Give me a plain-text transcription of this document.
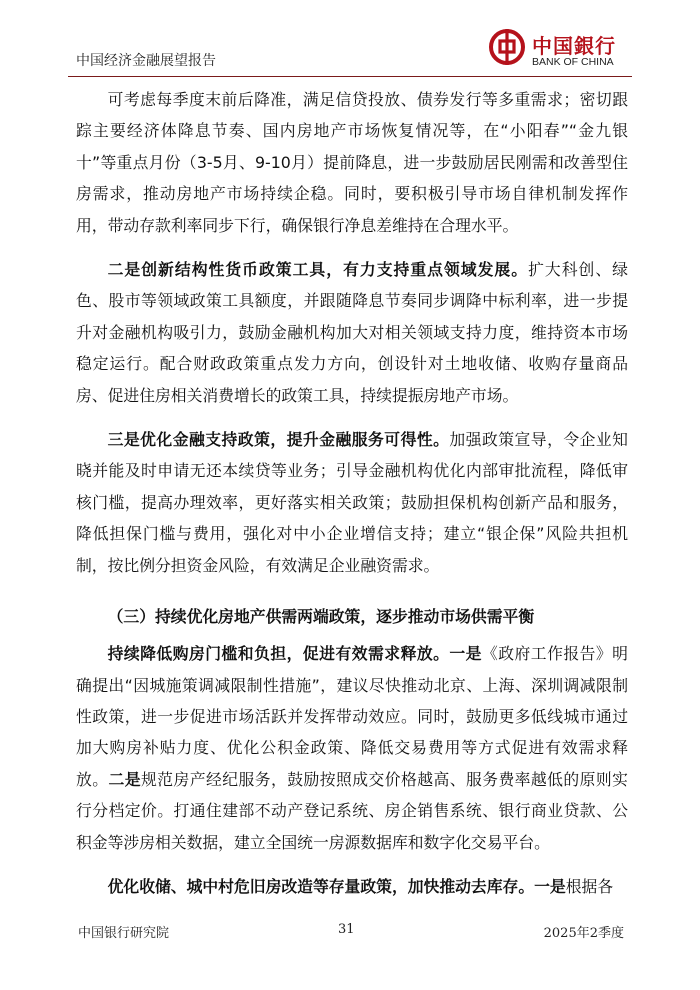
中国经济金融展望报告
中国銀行
BANK OF CHINA

可考虑每季度末前后降准，满足信贷投放、债券发行等多重需求；密切跟踪主要经济体降息节奏、国内房地产市场恢复情况等，在“小阳春”“金九银十”等重点月份（3-5月、9-10月）提前降息，进一步鼓励居民刚需和改善型住房需求，推动房地产市场持续企稳。同时，要积极引导市场自律机制发挥作用，带动存款利率同步下行，确保银行净息差维持在合理水平。

二是创新结构性货币政策工具，有力支持重点领域发展。扩大科创、绿色、股市等领域政策工具额度，并跟随降息节奏同步调降中标利率，进一步提升对金融机构吸引力，鼓励金融机构加大对相关领域支持力度，维持资本市场稳定运行。配合财政政策重点发力方向，创设针对土地收储、收购存量商品房、促进住房相关消费增长的政策工具，持续提振房地产市场。

三是优化金融支持政策，提升金融服务可得性。加强政策宣导，令企业知晓并能及时申请无还本续贷等业务；引导金融机构优化内部审批流程，降低审核门槛，提高办理效率，更好落实相关政策；鼓励担保机构创新产品和服务，降低担保门槛与费用，强化对中小企业增信支持；建立“银企保”风险共担机制，按比例分担资金风险，有效满足企业融资需求。

（三）持续优化房地产供需两端政策，逐步推动市场供需平衡

持续降低购房门槛和负担，促进有效需求释放。一是《政府工作报告》明确提出“因城施策调减限制性措施”，建议尽快推动北京、上海、深圳调减限制性政策，进一步促进市场活跃并发挥带动效应。同时，鼓励更多低线城市通过加大购房补贴力度、优化公积金政策、降低交易费用等方式促进有效需求释放。二是规范房产经纪服务，鼓励按照成交价格越高、服务费率越低的原则实行分档定价。打通住建部不动产登记系统、房企销售系统、银行商业贷款、公积金等涉房相关数据，建立全国统一房源数据库和数字化交易平台。

优化收储、城中村危旧房改造等存量政策，加快推动去库存。一是根据各

中国银行研究院	31	2025年2季度
